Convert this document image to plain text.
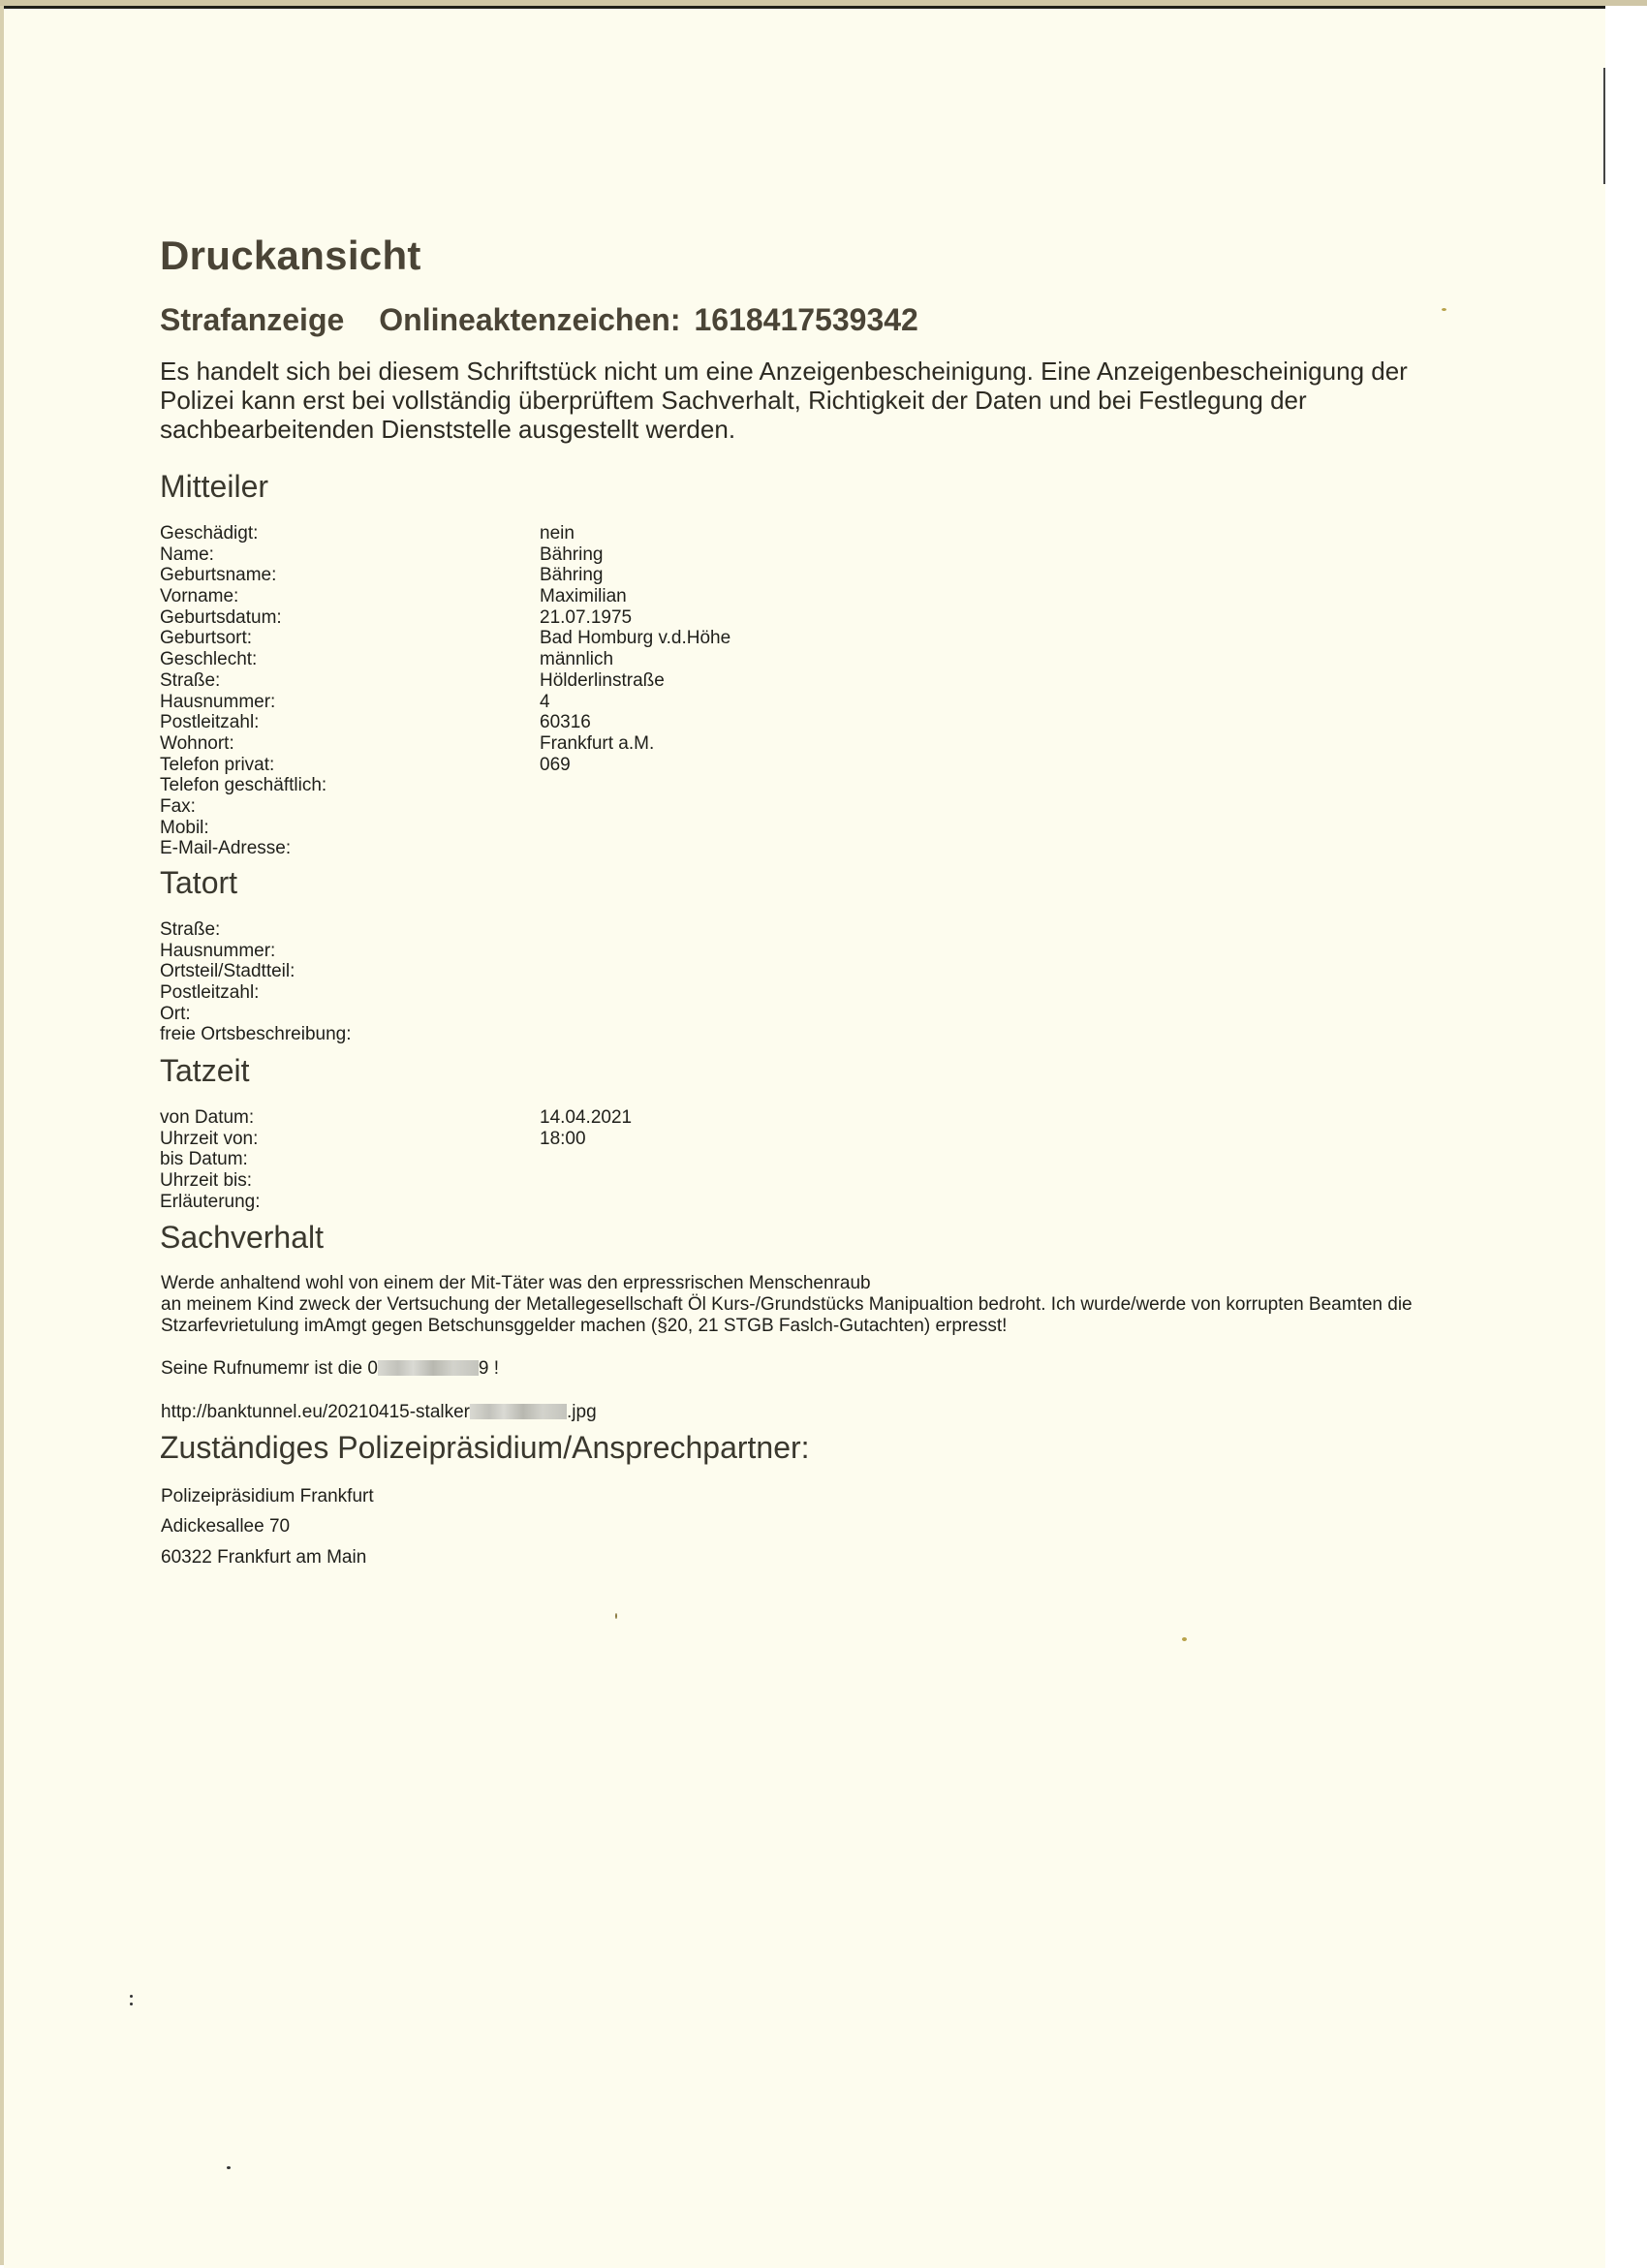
Druckansicht
Strafanzeige Onlineaktenzeichen: 1618417539342
Es handelt sich bei diesem Schriftstück nicht um eine Anzeigenbescheinigung. Eine Anzeigenbescheinigung der Polizei kann erst bei vollständig überprüftem Sachverhalt, Richtigkeit der Daten und bei Festlegung der sachbearbeitenden Dienststelle ausgestellt werden.
Mitteiler
Geschädigt:	nein
Name:	Bähring
Geburtsname:	Bähring
Vorname:	Maximilian
Geburtsdatum:	21.07.1975
Geburtsort:	Bad Homburg v.d.Höhe
Geschlecht:	männlich
Straße:	Hölderlinstraße
Hausnummer:	4
Postleitzahl:	60316
Wohnort:	Frankfurt a.M.
Telefon privat:	069
Telefon geschäftlich:
Fax:
Mobil:
E-Mail-Adresse:
Tatort
Straße:
Hausnummer:
Ortsteil/Stadtteil:
Postleitzahl:
Ort:
freie Ortsbeschreibung:
Tatzeit
von Datum:	14.04.2021
Uhrzeit von:	18:00
bis Datum:
Uhrzeit bis:
Erläuterung:
Sachverhalt
Werde anhaltend wohl von einem der Mit-Täter was den erpressrischen Menschenraub
an meinem Kind zweck der Vertsuchung der Metallegesellschaft Öl Kurs-/Grundstücks Manipualtion bedroht. Ich wurde/werde von korrupten Beamten die
Stzarfevrietulung imAmgt gegen Betschunsggelder machen (§20, 21 STGB Faslch-Gutachten) erpresst!
Seine Rufnumemr ist die 0	9 !
http://banktunnel.eu/20210415-stalker	.jpg
Zuständiges Polizeipräsidium/Ansprechpartner:
Polizeipräsidium Frankfurt
Adickesallee 70
60322 Frankfurt am Main
